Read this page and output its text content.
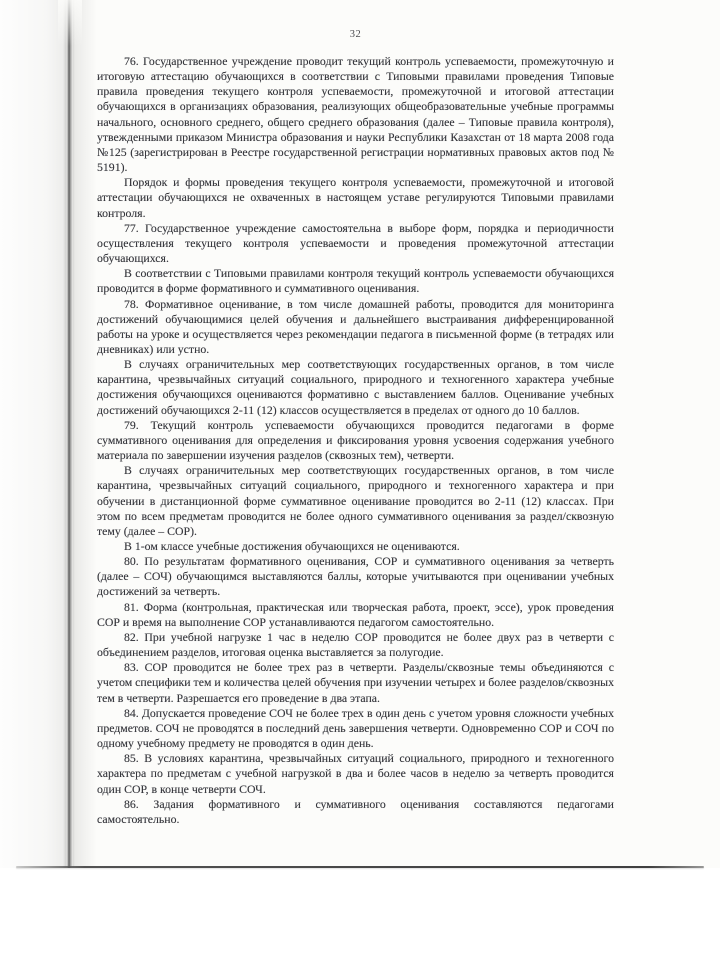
32

76. Государственное учреждение проводит текущий контроль успеваемости, промежуточную и итоговую аттестацию обучающихся в соответствии с Типовыми правилами проведения Типовые правила проведения текущего контроля успеваемости, промежуточной и итоговой аттестации обучающихся в организациях образования, реализующих общеобразовательные учебные программы начального, основного среднего, общего среднего образования (далее – Типовые правила контроля), утвежденными приказом Министра образования и науки Республики Казахстан от 18 марта 2008 года №125 (зарегистрирован в Реестре государственной регистрации нормативных правовых актов под № 5191).

Порядок и формы проведения текущего контроля успеваемости, промежуточной и итоговой аттестации обучающихся не охваченных в настоящем уставе регулируются Типовыми правилами контроля.

77. Государственное учреждение самостоятельна в выборе форм, порядка и периодичности осуществления текущего контроля успеваемости и проведения промежуточной аттестации обучающихся.

В соответствии с Типовыми правилами контроля текущий контроль успеваемости обучающихся проводится в форме формативного и суммативного оценивания.

78. Формативное оценивание, в том числе домашней работы, проводится для мониторинга достижений обучающимися целей обучения и дальнейшего выстраивания дифференцированной работы на уроке и осуществляется через рекомендации педагога в письменной форме (в тетрадях или дневниках) или устно.

В случаях ограничительных мер соответствующих государственных органов, в том числе карантина, чрезвычайных ситуаций социального, природного и техногенного характера учебные достижения обучающихся оцениваются формативно с выставлением баллов. Оценивание учебных достижений обучающихся 2-11 (12) классов осуществляется в пределах от одного до 10 баллов.

79. Текущий контроль успеваемости обучающихся проводится педагогами в форме суммативного оценивания для определения и фиксирования уровня усвоения содержания учебного материала по завершении изучения разделов (сквозных тем), четверти.

В случаях ограничительных мер соответствующих государственных органов, в том числе карантина, чрезвычайных ситуаций социального, природного и техногенного характера и при обучении в дистанционной форме суммативное оценивание проводится во 2-11 (12) классах. При этом по всем предметам проводится не более одного суммативного оценивания за раздел/сквозную тему (далее – СОР).

В 1-ом классе учебные достижения обучающихся не оцениваются.

80. По результатам формативного оценивания, СОР и суммативного оценивания за четверть (далее – СОЧ) обучающимся выставляются баллы, которые учитываются при оценивании учебных достижений за четверть.

81. Форма (контрольная, практическая или творческая работа, проект, эссе), урок проведения СОР и время на выполнение СОР устанавливаются педагогом самостоятельно.

82. При учебной нагрузке 1 час в неделю СОР проводится не более двух раз в четверти с объединением разделов, итоговая оценка выставляется за полугодие.

83. СОР проводится не более трех раз в четверти. Разделы/сквозные темы объединяются с учетом специфики тем и количества целей обучения при изучении четырех и более разделов/сквозных тем в четверти. Разрешается его проведение в два этапа.

84. Допускается проведение СОЧ не более трех в один день с учетом уровня сложности учебных предметов. СОЧ не проводятся в последний день завершения четверти. Одновременно СОР и СОЧ по одному учебному предмету не проводятся в один день.

85. В условиях карантина, чрезвычайных ситуаций социального, природного и техногенного характера по предметам с учебной нагрузкой в два и более часов в неделю за четверть проводится один СОР, в конце четверти СОЧ.

86. Задания формативного и суммативного оценивания составляются педагогами самостоятельно.
